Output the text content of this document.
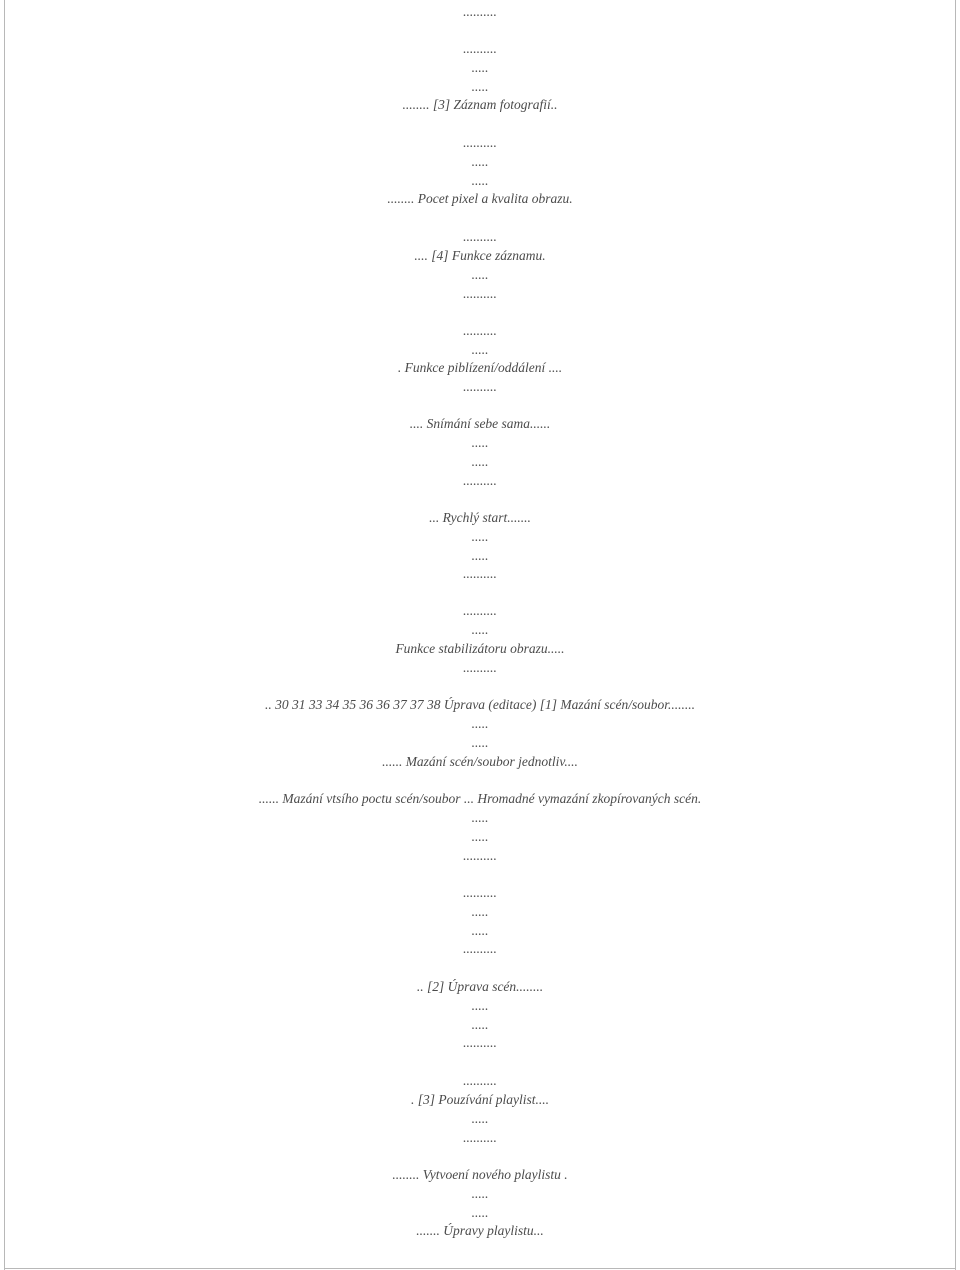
..........
..........
.....
.....
........ [3] Záznam fotografií..
..........
.....
.....
........ Pocet pixel a kvalita obrazu.
..........
.... [4] Funkce záznamu.
.....
..........
..........
.....
. Funkce piblízení/oddálení ....
..........
.... Snímání sebe sama......
.....
.....
..........
... Rychlý start.......
.....
.....
..........
..........
.....
Funkce stabilizátoru obrazu.....
..........
.. 30 31 33 34 35 36 36 37 37 38 Úprava (editace) [1] Mazání scén/soubor........
.....
.....
...... Mazání scén/soubor jednotliv....
...... Mazání vtsího poctu scén/soubor ... Hromadné vymazání zkopírovaných scén.
.....
.....
..........
..........
.....
.....
..........
.. [2] Úprava scén........
.....
.....
..........
..........
. [3] Pouzívání playlist....
.....
..........
........ Vytvoení nového playlistu .
.....
.....
....... Úpravy playlistu...
